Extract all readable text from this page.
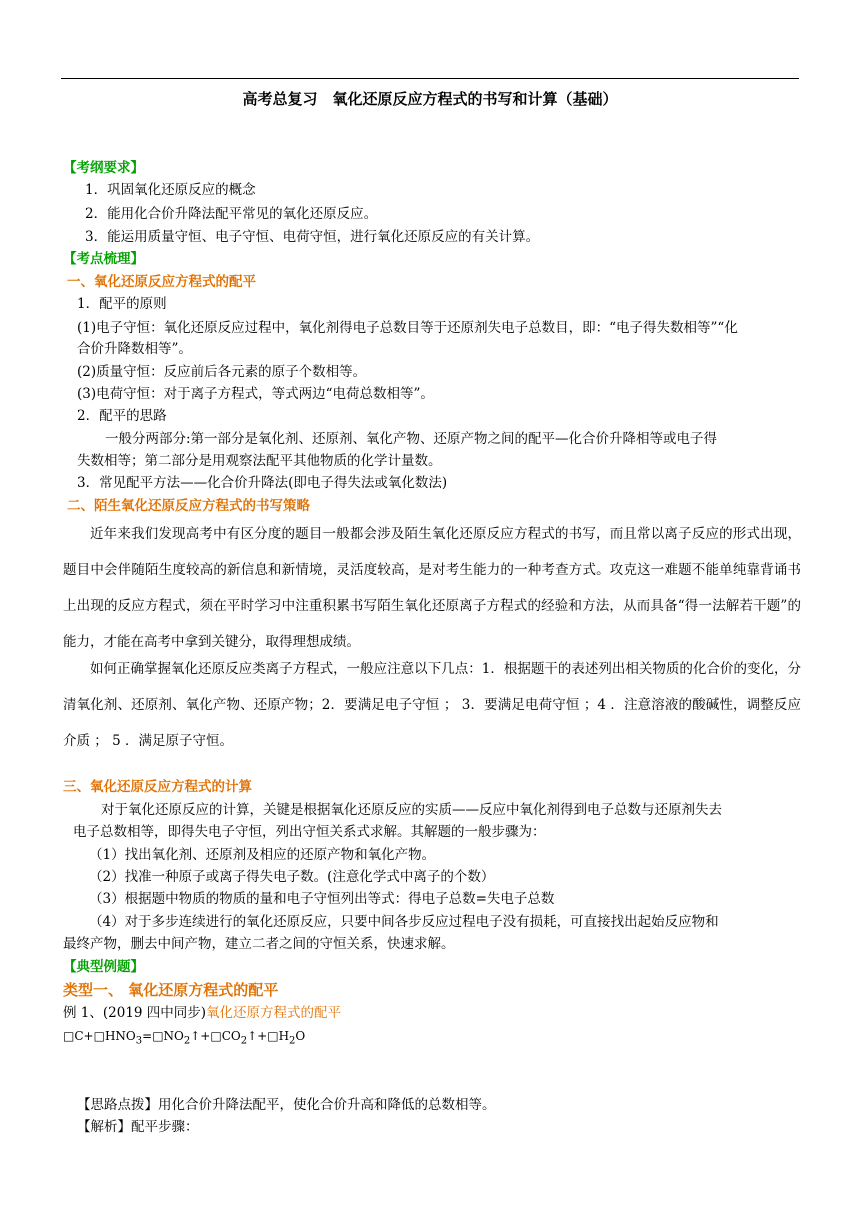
高考总复习　氧化还原反应方程式的书写和计算（基础）
【考纲要求】
1．巩固氧化还原反应的概念
2．能用化合价升降法配平常见的氧化还原反应。
3．能运用质量守恒、电子守恒、电荷守恒，进行氧化还原反应的有关计算。
【考点梳理】
一、氧化还原反应方程式的配平
1．配平的原则
(1)电子守恒：氧化还原反应过程中，氧化剂得电子总数目等于还原剂失电子总数目，即：“电子得失数相等”“化
合价升降数相等”。
(2)质量守恒：反应前后各元素的原子个数相等。
(3)电荷守恒：对于离子方程式，等式两边“电荷总数相等”。
2．配平的思路
一般分两部分:第一部分是氧化剂、还原剂、氧化产物、还原产物之间的配平—化合价升降相等或电子得
失数相等；第二部分是用观察法配平其他物质的化学计量数。
3．常见配平方法——化合价升降法(即电子得失法或氧化数法)
二、陌生氧化还原反应方程式的书写策略
近年来我们发现高考中有区分度的题目一般都会涉及陌生氧化还原反应方程式的书写，而且常以离子反应的形式出现，题目中会伴随陌生度较高的新信息和新情境，灵活度较高，是对考生能力的一种考查方式。攻克这一难题不能单纯靠背诵书上出现的反应方程式，须在平时学习中注重积累书写陌生氧化还原离子方程式的经验和方法，从而具备“得一法解若干题”的能力，才能在高考中拿到关键分，取得理想成绩。
如何正确掌握氧化还原反应类离子方程式，一般应注意以下几点：1．根据题干的表述列出相关物质的化合价的变化，分清氧化剂、还原剂、氧化产物、还原产物；2．要满足电子守恒 ； 3．要满足电荷守恒 ；4 ．注意溶液的酸碱性，调整反应介质 ； 5 ．满足原子守恒。
三、氧化还原反应方程式的计算
对于氧化还原反应的计算，关键是根据氧化还原反应的实质——反应中氧化剂得到电子总数与还原剂失去
电子总数相等，即得失电子守恒，列出守恒关系式求解。其解题的一般步骤为：
（1）找出氧化剂、还原剂及相应的还原产物和氧化产物。
（2）找准一种原子或离子得失电子数。(注意化学式中离子的个数）
（3）根据题中物质的物质的量和电子守恒列出等式：得电子总数=失电子总数
（4）对于多步连续进行的氧化还原反应，只要中间各步反应过程电子没有损耗，可直接找出起始反应物和
最终产物，删去中间产物，建立二者之间的守恒关系，快速求解。
【典型例题】
类型一、 氧化还原方程式的配平
例 1、(2019 四中同步)氧化还原方程式的配平
$□C+□HNO_3=□NO_2↑+□CO_2↑+□H_2O$
【思路点拨】用化合价升降法配平，使化合价升高和降低的总数相等。
【解析】配平步骤：
